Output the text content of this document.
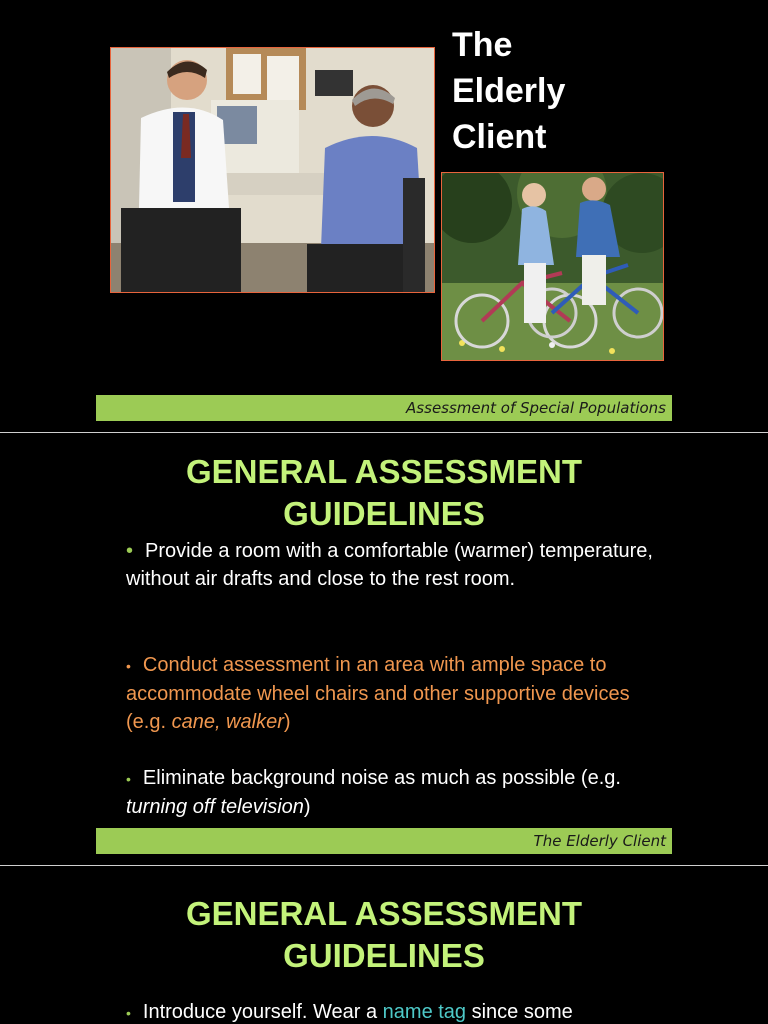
The
Elderly
Client
Assessment of Special Populations
GENERAL ASSESSMENT
GUIDELINES
• Provide a room with a comfortable (warmer) temperature, without air drafts and close to the rest room.
• Conduct assessment in an area with ample space to accommodate wheel chairs and other supportive devices (e.g. cane, walker)
• Eliminate background noise as much as possible (e.g. turning off television)
The Elderly Client
GENERAL ASSESSMENT
GUIDELINES
• Introduce yourself. Wear a name tag since some
